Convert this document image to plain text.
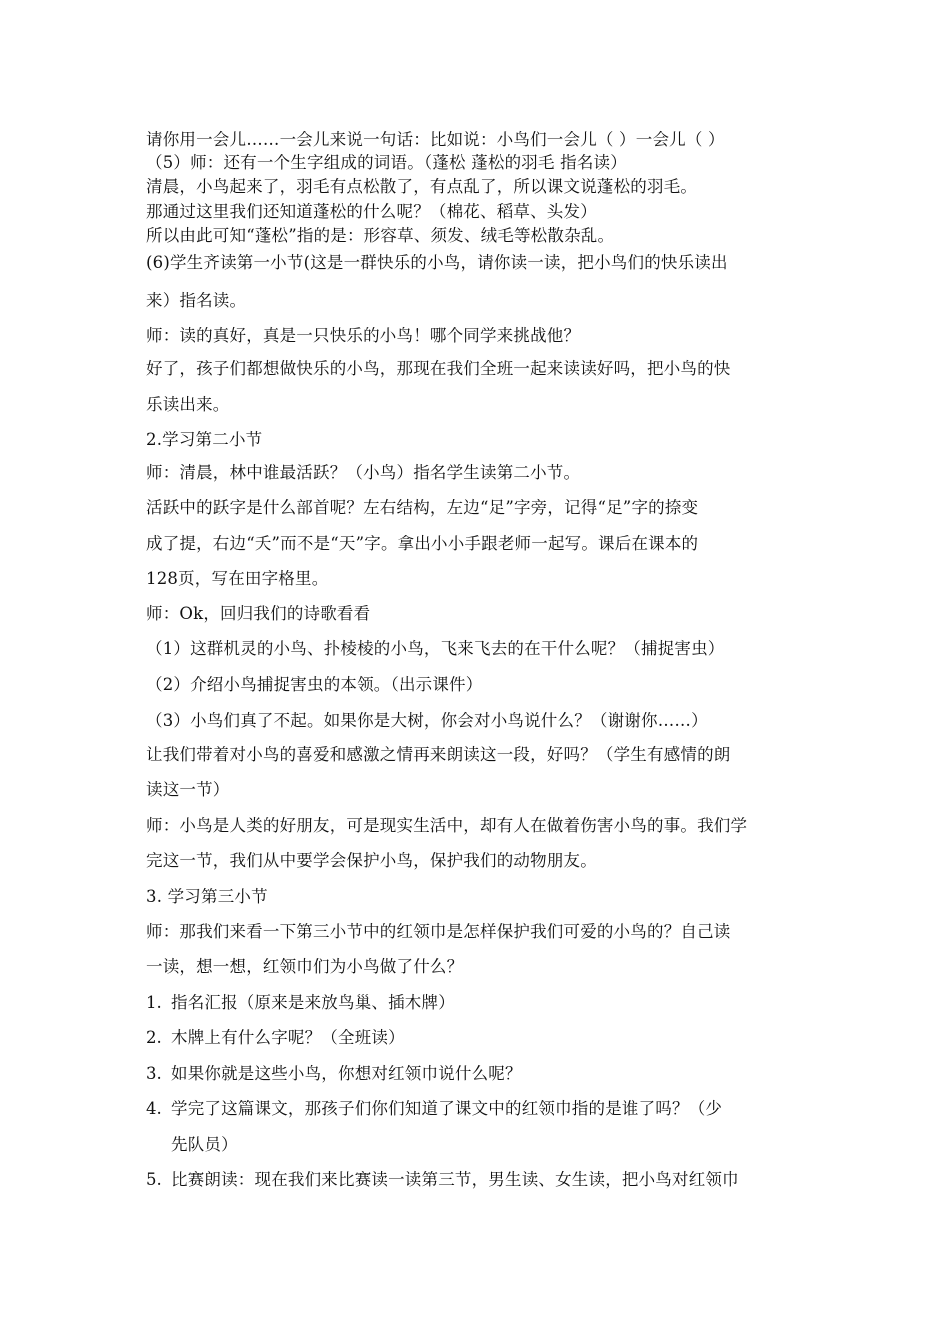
请你用一会儿……一会儿来说一句话：比如说：小鸟们一会儿（ ）一会儿（ ）
（5）师：还有一个生字组成的词语。（蓬松 蓬松的羽毛 指名读）
清晨，小鸟起来了，羽毛有点松散了，有点乱了，所以课文说蓬松的羽毛。
那通过这里我们还知道蓬松的什么呢？（棉花、稻草、头发）
所以由此可知“蓬松”指的是：形容草、须发、绒毛等松散杂乱。
(6)学生齐读第一小节(这是一群快乐的小鸟，请你读一读，把小鸟们的快乐读出
来）指名读。
师：读的真好，真是一只快乐的小鸟！哪个同学来挑战他？
好了，孩子们都想做快乐的小鸟，那现在我们全班一起来读读好吗，把小鸟的快
乐读出来。
2.学习第二小节
师：清晨，林中谁最活跃？（小鸟）指名学生读第二小节。
活跃中的跃字是什么部首呢？左右结构，左边“足”字旁，记得“足”字的捺变
成了提，右边“夭”而不是“天”字。拿出小小手跟老师一起写。课后在课本的
128页，写在田字格里。
师：Ok，回归我们的诗歌看看
（1）这群机灵的小鸟、扑棱棱的小鸟，飞来飞去的在干什么呢？（捕捉害虫）
（2）介绍小鸟捕捉害虫的本领。（出示课件）
（3）小鸟们真了不起。如果你是大树，你会对小鸟说什么？（谢谢你……）
让我们带着对小鸟的喜爱和感激之情再来朗读这一段，好吗？（学生有感情的朗
读这一节）
师：小鸟是人类的好朋友，可是现实生活中，却有人在做着伤害小鸟的事。我们学
完这一节，我们从中要学会保护小鸟，保护我们的动物朋友。
3. 学习第三小节
师：那我们来看一下第三小节中的红领巾是怎样保护我们可爱的小鸟的？自己读
一读，想一想，红领巾们为小鸟做了什么？
1. 指名汇报（原来是来放鸟巢、插木牌）
2. 木牌上有什么字呢？（全班读）
3. 如果你就是这些小鸟，你想对红领巾说什么呢？
4. 学完了这篇课文，那孩子们你们知道了课文中的红领巾指的是谁了吗？（少
先队员）
5. 比赛朗读：现在我们来比赛读一读第三节，男生读、女生读，把小鸟对红领巾
